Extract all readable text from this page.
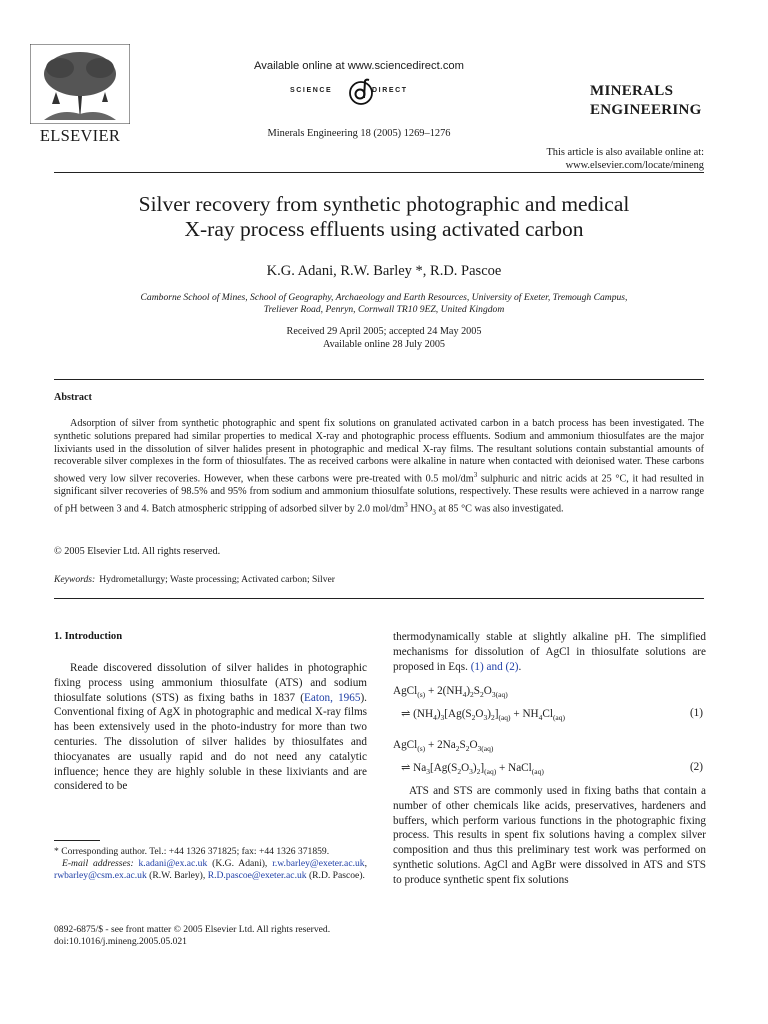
ELSEVIER
Available online at www.sciencedirect.com
SCIENCE	DIRECT
Minerals Engineering 18 (2005) 1269–1276
MINERALS
ENGINEERING
This article is also available online at:
www.elsevier.com/locate/mineng
Silver recovery from synthetic photographic and medical
X-ray process effluents using activated carbon
K.G. Adani, R.W. Barley *, R.D. Pascoe
Camborne School of Mines, School of Geography, Archaeology and Earth Resources, University of Exeter, Tremough Campus,
Treliever Road, Penryn, Cornwall TR10 9EZ, United Kingdom
Received 29 April 2005; accepted 24 May 2005
Available online 28 July 2005
Abstract

Adsorption of silver from synthetic photographic and spent fix solutions on granulated activated carbon in a batch process has been investigated. The synthetic solutions prepared had similar properties to medical X-ray and photographic process effluents. Sodium and ammonium thiosulfates are the major lixiviants used in the dissolution of silver halides present in photographic and medical X-ray films. The resultant solutions contain substantial amounts of recoverable silver complexes in the form of thiosulfates. The as received carbons were alkaline in nature when contacted with deionised water. These carbons showed very low silver recoveries. However, when these carbons were pre-treated with 0.5 mol/$dm^3$ sulphuric and nitric acids at 25 °C, it had resulted in significant silver recoveries of 98.5% and 95% from sodium and ammonium thiosulfate solutions, respectively. These results were achieved in a narrow range of pH between 3 and 4. Batch atmospheric stripping of adsorbed silver by 2.0 mol/$dm^3$ $HNO_3$ at 85 °C was also investigated.

© 2005 Elsevier Ltd. All rights reserved.
Keywords: Hydrometallurgy; Waste processing; Activated carbon; Silver
1. Introduction

Reade discovered dissolution of silver halides in photographic fixing process using ammonium thiosulfate (ATS) and sodium thiosulfate solutions (STS) as fixing baths in 1837 (Eaton, 1965). Conventional fixing of AgX in photographic and medical X-ray films has been extensively used in the photo-industry for more than two centuries. The dissolution of silver halides by thiosulfates and thiocyanates are usually rapid and do not need any catalytic influence; hence they are highly soluble in these lixiviants and are considered to be

thermodynamically stable at slightly alkaline pH. The simplified mechanisms for dissolution of AgCl in thiosulfate solutions are proposed in Eqs. (1) and (2).

AgCl$_{(s)}$ + $2(NH_4)_2S_2O_{3(aq)}$
⇌ $(NH_4)_3[Ag(S_2O_3)_2]_{(aq)} + NH_4Cl_{(aq)}$	(1)
AgCl$_{(s)}$ + $2Na_2S_2O_{3(aq)}$
⇌ $Na_3[Ag(S_2O_3)_2]_{(aq)}$ + NaCl$_{(aq)}$	(2)

ATS and STS are commonly used in fixing baths that contain a number of other chemicals like acids, preservatives, hardeners and buffers, which perform various functions in the photographic fixing process. This results in spent fix solutions having a complex silver composition and thus this preliminary test work was performed on synthetic solutions. AgCl and AgBr were dissolved in ATS and STS to produce synthetic spent fix solutions

* Corresponding author. Tel.: +44 1326 371825; fax: +44 1326 371859.

E-mail addresses: k.adani@ex.ac.uk (K.G. Adani), r.w.barley@exeter.ac.uk, rwbarley@csm.ex.ac.uk (R.W. Barley), R.D.pascoe@exeter.ac.uk (R.D. Pascoe).

0892-6875/$ - see front matter © 2005 Elsevier Ltd. All rights reserved.
doi:10.1016/j.mineng.2005.05.021
